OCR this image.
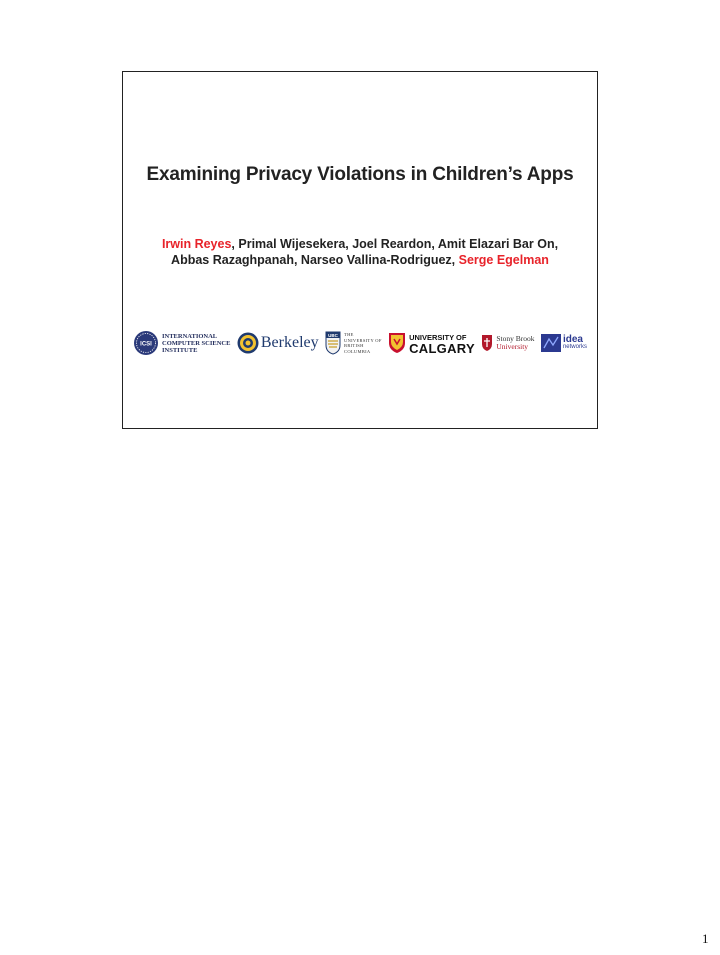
Examining Privacy Violations in Children’s Apps
Irwin Reyes, Primal Wijesekera, Joel Reardon, Amit Elazari Bar On,
Abbas Razaghpanah, Narseo Vallina-Rodriguez, Serge Egelman
ICSI
INTERNATIONAL
COMPUTER SCIENCE
INSTITUTE	Berkeley UBC THE
UNIVERSITY OF
BRITISH
COLUMBIA
UNIVERSITY OF
CALGARY
Stony Brook
University
idea
networks
1
